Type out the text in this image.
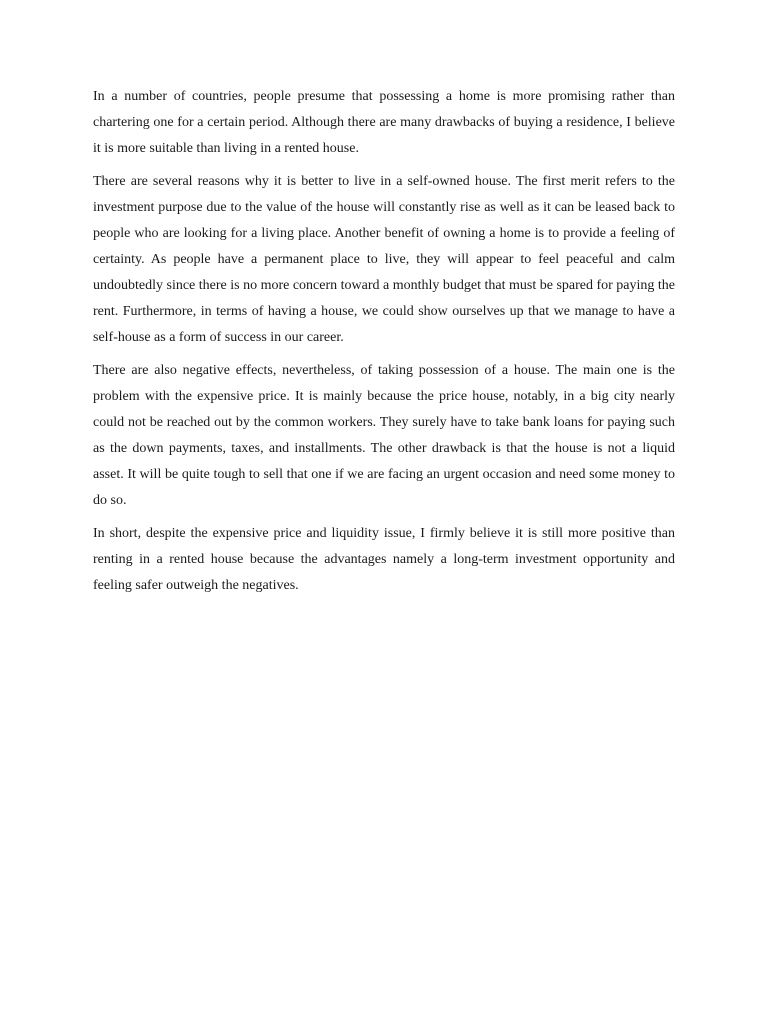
In a number of countries, people presume that possessing a home is more promising rather than chartering one for a certain period. Although there are many drawbacks of buying a residence, I believe it is more suitable than living in a rented house.

There are several reasons why it is better to live in a self-owned house. The first merit refers to the investment purpose due to the value of the house will constantly rise as well as it can be leased back to people who are looking for a living place. Another benefit of owning a home is to provide a feeling of certainty. As people have a permanent place to live, they will appear to feel peaceful and calm undoubtedly since there is no more concern toward a monthly budget that must be spared for paying the rent. Furthermore, in terms of having a house, we could show ourselves up that we manage to have a self-house as a form of success in our career.

There are also negative effects, nevertheless, of taking possession of a house. The main one is the problem with the expensive price. It is mainly because the price house, notably, in a big city nearly could not be reached out by the common workers. They surely have to take bank loans for paying such as the down payments, taxes, and installments. The other drawback is that the house is not a liquid asset. It will be quite tough to sell that one if we are facing an urgent occasion and need some money to do so.

In short, despite the expensive price and liquidity issue, I firmly believe it is still more positive than renting in a rented house because the advantages namely a long-term investment opportunity and feeling safer outweigh the negatives.
